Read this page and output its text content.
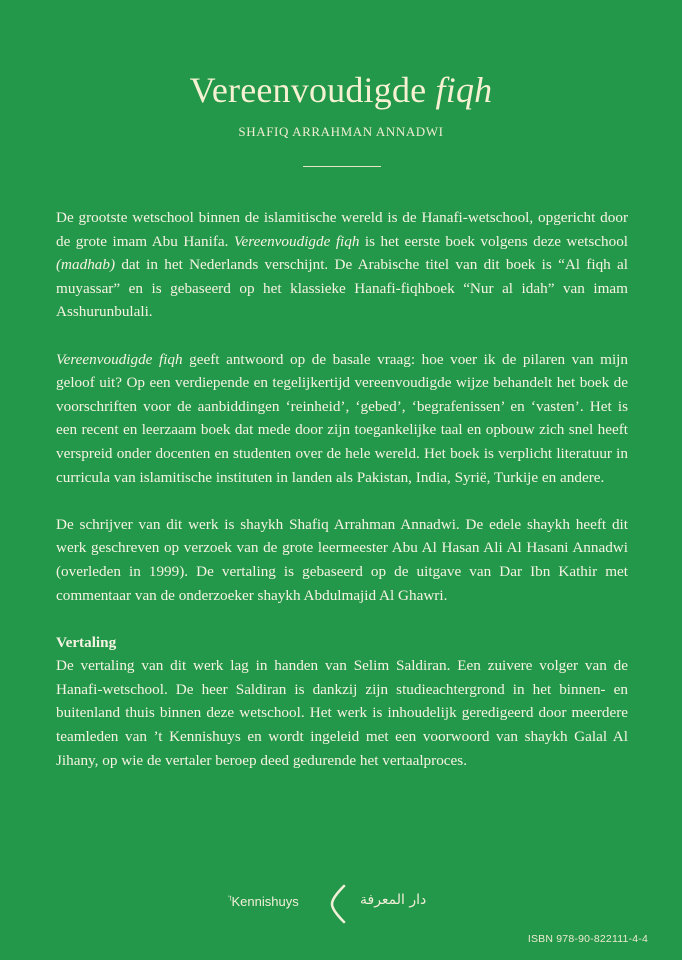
Vereenvoudigde fiqh
SHAFIQ ARRAHMAN ANNADWI

De grootste wetschool binnen de islamitische wereld is de Hanafi-wetschool, opgericht door de grote imam Abu Hanifa. Vereenvoudigde fiqh is het eerste boek volgens deze wetschool (madhab) dat in het Nederlands verschijnt. De Arabische titel van dit boek is “Al fiqh al muyassar” en is gebaseerd op het klassieke Hanafi-fiqhboek “Nur al idah” van imam Asshurunbulali.

Vereenvoudigde fiqh geeft antwoord op de basale vraag: hoe voer ik de pilaren van mijn geloof uit? Op een verdiepende en tegelijkertijd vereenvoudigde wijze behandelt het boek de voorschriften voor de aanbiddingen ‘reinheid’, ‘gebed’, ‘begrafenissen’ en ‘vasten’. Het is een recent en leerzaam boek dat mede door zijn toegankelijke taal en opbouw zich snel heeft verspreid onder docenten en studenten over de hele wereld. Het boek is verplicht literatuur in curricula van islamitische instituten in landen als Pakistan, India, Syrië, Turkije en andere.

De schrijver van dit werk is shaykh Shafiq Arrahman Annadwi. De edele shaykh heeft dit werk geschreven op verzoek van de grote leermeester Abu Al Hasan Ali Al Hasani Annadwi (overleden in 1999). De vertaling is gebaseerd op de uitgave van Dar Ibn Kathir met commentaar van de onderzoeker shaykh Abdulmajid Al Ghawri.

Vertaling

De vertaling van dit werk lag in handen van Selim Saldiran. Een zuivere volger van de Hanafi-wetschool. De heer Saldiran is dankzij zijn studieachtergrond in het binnen- en buitenland thuis binnen deze wetschool. Het werk is inhoudelijk geredigeerd door meerdere teamleden van ’t Kennishuys en wordt ingeleid met een voorwoord van shaykh Galal Al Jihany, op wie de vertaler beroep deed gedurende het vertaalproces.

$^{’t}$Kennishuys	دار المعرفة
ISBN 978-90-822111-4-4
